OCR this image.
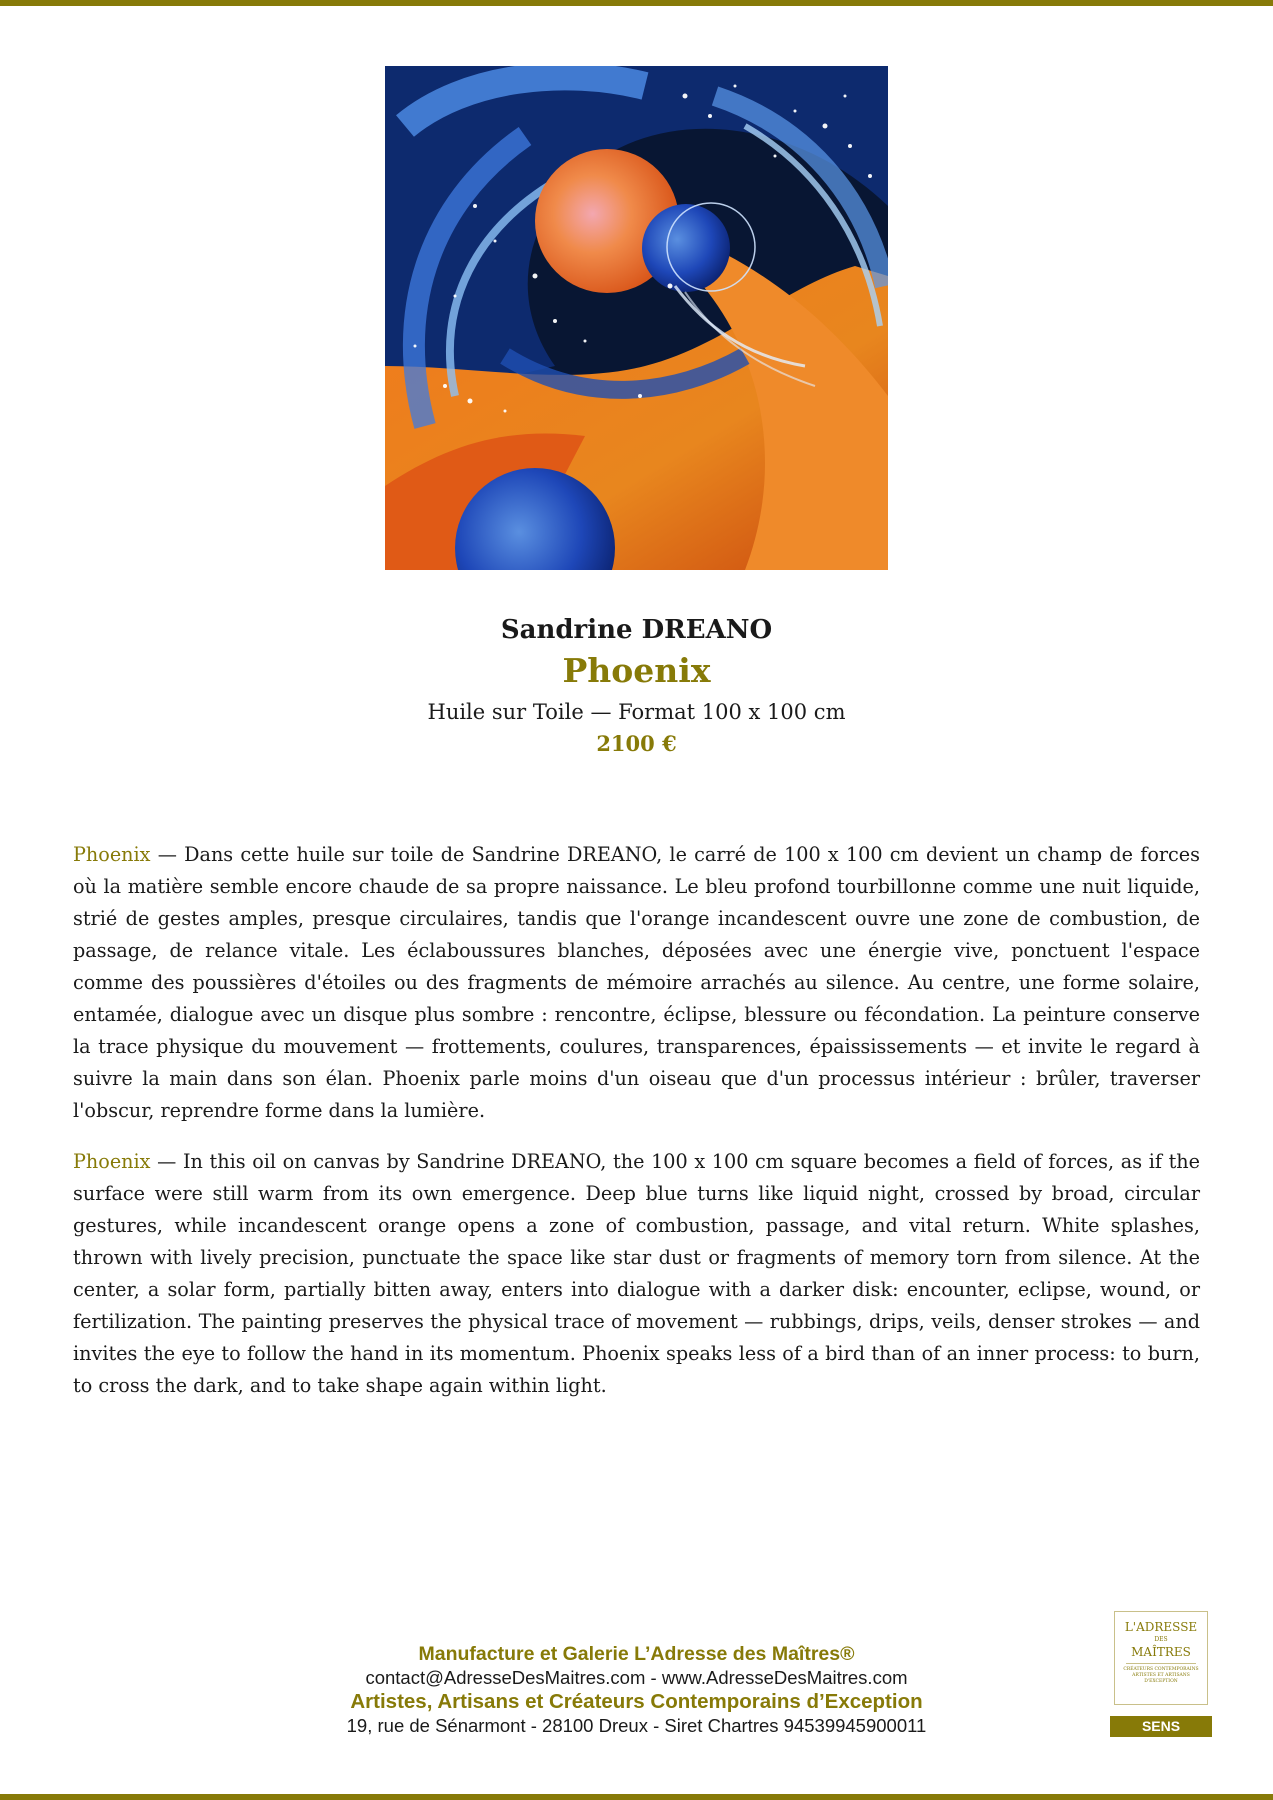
Sandrine DREANO
Phoenix
Huile sur Toile — Format 100 x 100 cm
2100 €

Phoenix — Dans cette huile sur toile de Sandrine DREANO, le carré de 100 x 100 cm devient un champ de forces où la matière semble encore chaude de sa propre naissance. Le bleu profond tourbillonne comme une nuit liquide, strié de gestes amples, presque circulaires, tandis que l'orange incandescent ouvre une zone de combustion, de passage, de relance vitale. Les éclaboussures blanches, déposées avec une énergie vive, ponctuent l'espace comme des poussières d'étoiles ou des fragments de mémoire arrachés au silence. Au centre, une forme solaire, entamée, dialogue avec un disque plus sombre : rencontre, éclipse, blessure ou fécondation. La peinture conserve la trace physique du mouvement — frottements, coulures, transparences, épaississements — et invite le regard à suivre la main dans son élan. Phoenix parle moins d'un oiseau que d'un processus intérieur : brûler, traverser l'obscur, reprendre forme dans la lumière.

Phoenix — In this oil on canvas by Sandrine DREANO, the 100 x 100 cm square becomes a field of forces, as if the surface were still warm from its own emergence. Deep blue turns like liquid night, crossed by broad, circular gestures, while incandescent orange opens a zone of combustion, passage, and vital return. White splashes, thrown with lively precision, punctuate the space like star dust or fragments of memory torn from silence. At the center, a solar form, partially bitten away, enters into dialogue with a darker disk: encounter, eclipse, wound, or fertilization. The painting preserves the physical trace of movement — rubbings, drips, veils, denser strokes — and invites the eye to follow the hand in its momentum. Phoenix speaks less of a bird than of an inner process: to burn, to cross the dark, and to take shape again within light.

Manufacture et Galerie L’Adresse des Maîtres®
contact@AdresseDesMaitres.com - www.AdresseDesMaitres.com
Artistes, Artisans et Créateurs Contemporains d’Exception
19, rue de Sénarmont - 28100 Dreux - Siret Chartres 94539945900011
L'ADRESSE
DES
MAÎTRES
CRÉATEURS CONTEMPORAINS ARTISTES ET ARTISANS D'EXCEPTION
SENS
